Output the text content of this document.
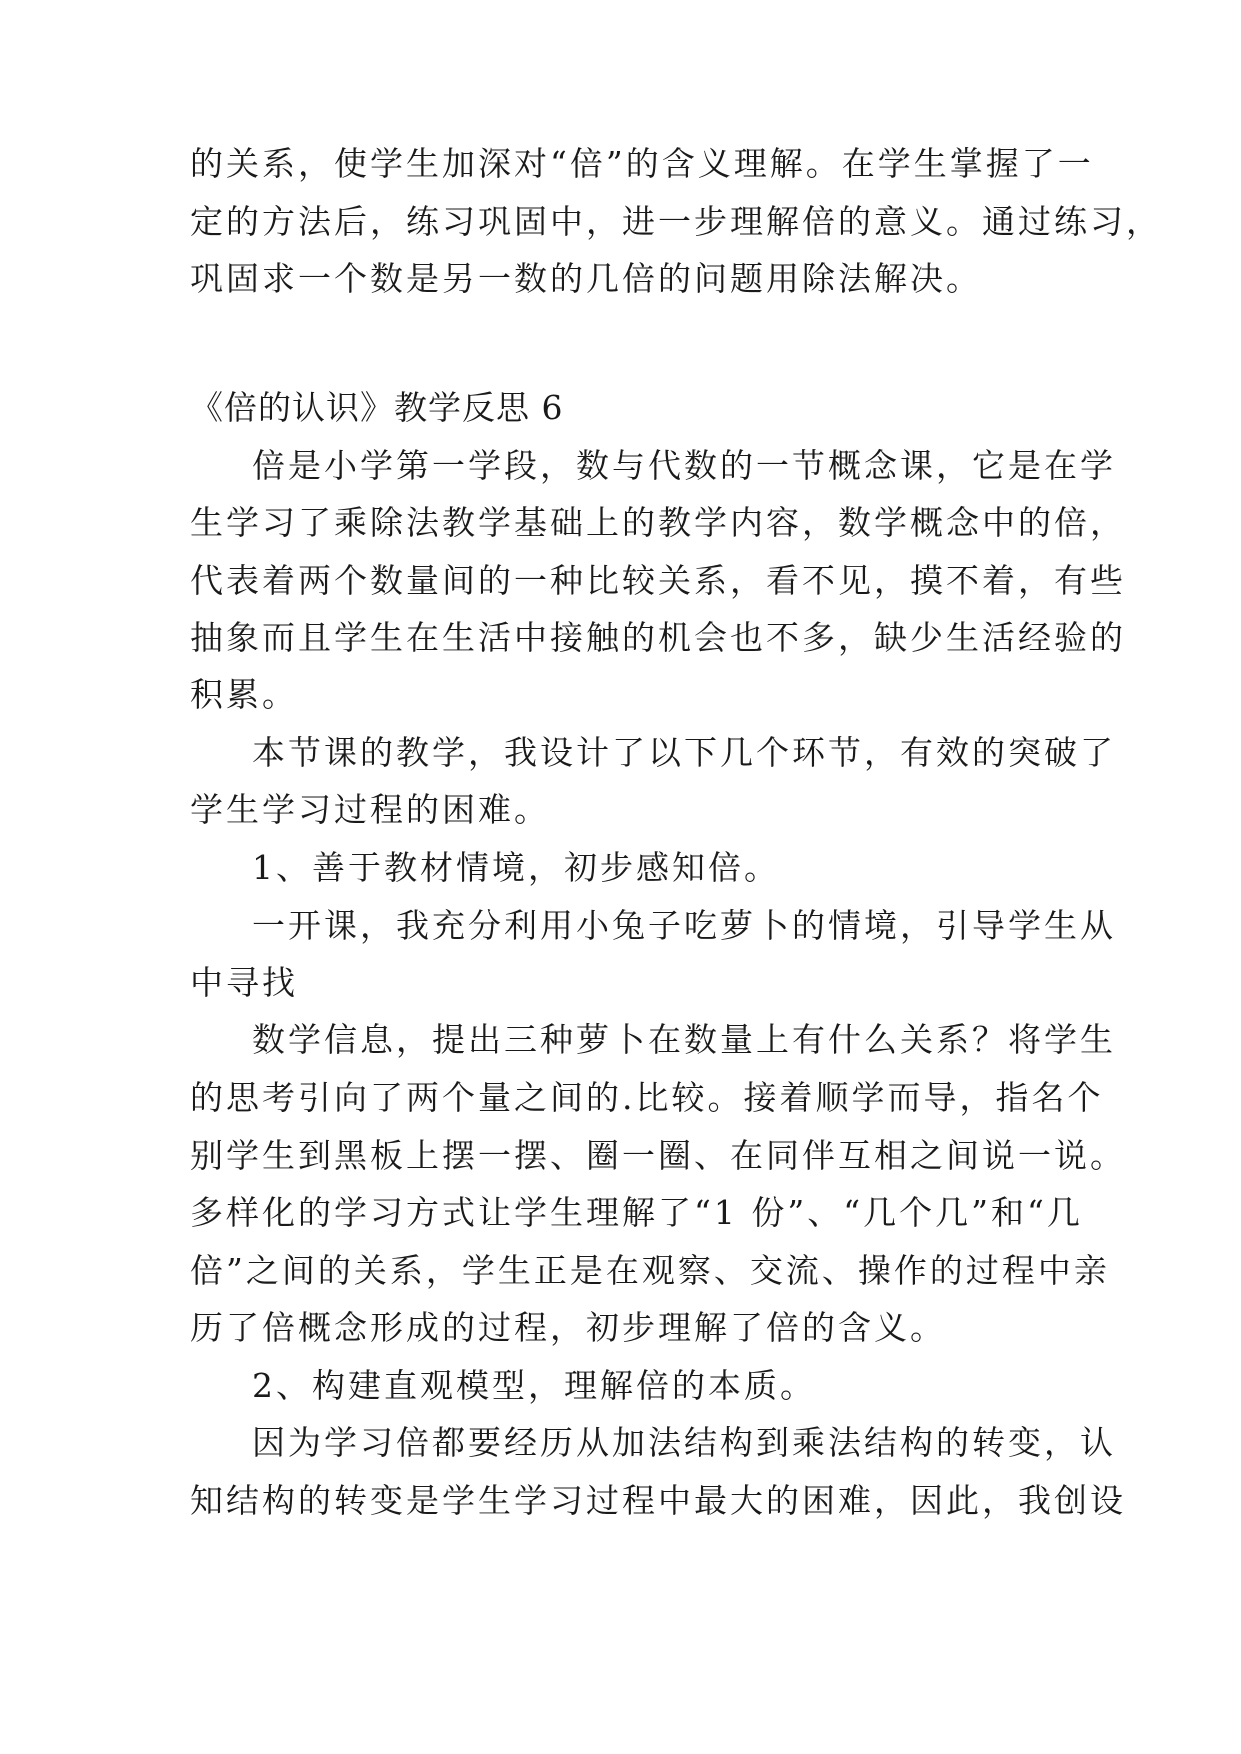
的关系，使学生加深对“倍”的含义理解。在学生掌握了一
定的方法后，练习巩固中，进一步理解倍的意义。通过练习，
巩固求一个数是另一数的几倍的问题用除法解决。
《倍的认识》教学反思 6
倍是小学第一学段，数与代数的一节概念课，它是在学
生学习了乘除法教学基础上的教学内容，数学概念中的倍，
代表着两个数量间的一种比较关系，看不见，摸不着，有些
抽象而且学生在生活中接触的机会也不多，缺少生活经验的
积累。
本节课的教学，我设计了以下几个环节，有效的突破了
学生学习过程的困难。
1、善于教材情境，初步感知倍。
一开课，我充分利用小兔子吃萝卜的情境，引导学生从
中寻找
数学信息，提出三种萝卜在数量上有什么关系？将学生
的思考引向了两个量之间的.比较。接着顺学而导，指名个
别学生到黑板上摆一摆、圈一圈、在同伴互相之间说一说。
多样化的学习方式让学生理解了“1 份”、“几个几”和“几
倍”之间的关系，学生正是在观察、交流、操作的过程中亲
历了倍概念形成的过程，初步理解了倍的含义。
2、构建直观模型，理解倍的本质。
因为学习倍都要经历从加法结构到乘法结构的转变，认
知结构的转变是学生学习过程中最大的困难，因此，我创设
